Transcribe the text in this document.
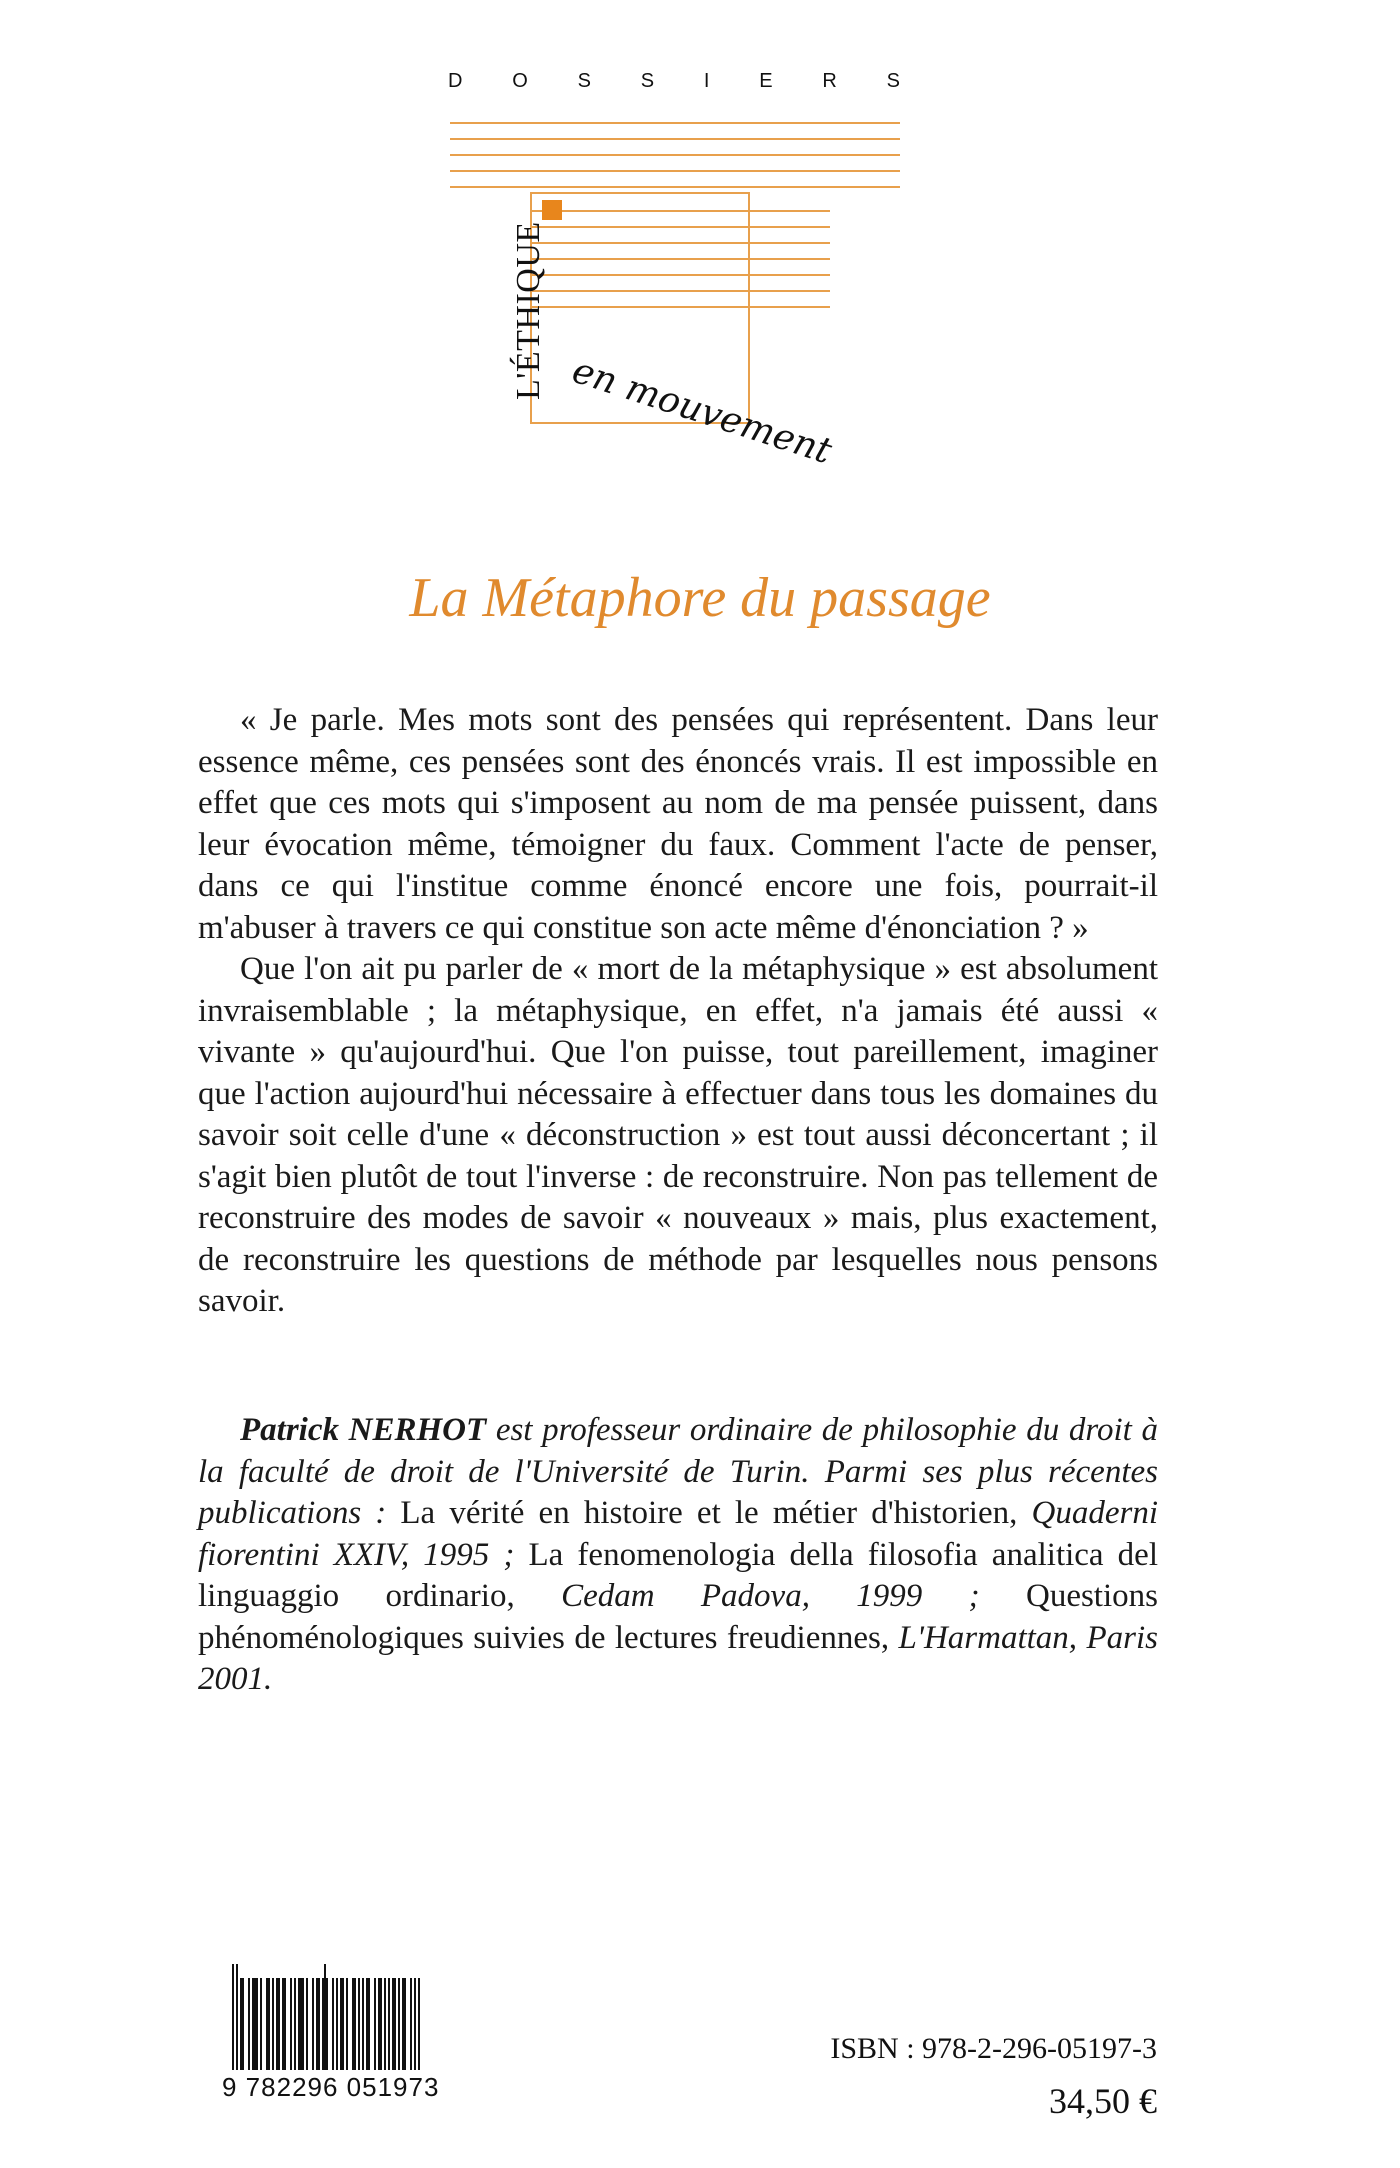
D O S S I E R S
L'ÉTHIQUE
en mouvement
La Métaphore du passage

« Je parle. Mes mots sont des pensées qui représentent. Dans leur essence même, ces pensées sont des énoncés vrais. Il est impossible en effet que ces mots qui s'imposent au nom de ma pensée puissent, dans leur évocation même, témoigner du faux. Comment l'acte de penser, dans ce qui l'institue comme énoncé encore une fois, pourrait-il m'abuser à travers ce qui constitue son acte même d'énonciation ? »

Que l'on ait pu parler de « mort de la métaphysique » est absolument invraisemblable ; la métaphysique, en effet, n'a jamais été aussi « vivante » qu'aujourd'hui. Que l'on puisse, tout pareillement, imaginer que l'action aujourd'hui nécessaire à effectuer dans tous les domaines du savoir soit celle d'une « déconstruction » est tout aussi déconcertant ; il s'agit bien plutôt de tout l'inverse : de reconstruire. Non pas tellement de reconstruire des modes de savoir « nouveaux » mais, plus exactement, de reconstruire les questions de méthode par lesquelles nous pensons savoir.

Patrick NERHOT est professeur ordinaire de philosophie du droit à la faculté de droit de l'Université de Turin. Parmi ses plus récentes publications : La vérité en histoire et le métier d'historien, Quaderni fiorentini XXIV, 1995 ; La fenomenologia della filosofia analitica del linguaggio ordinario, Cedam Padova, 1999 ; Questions phénoménologiques suivies de lectures freudiennes, L'Harmattan, Paris 2001.

9 782296 051973
ISBN : 978-2-296-05197-3
34,50 €
